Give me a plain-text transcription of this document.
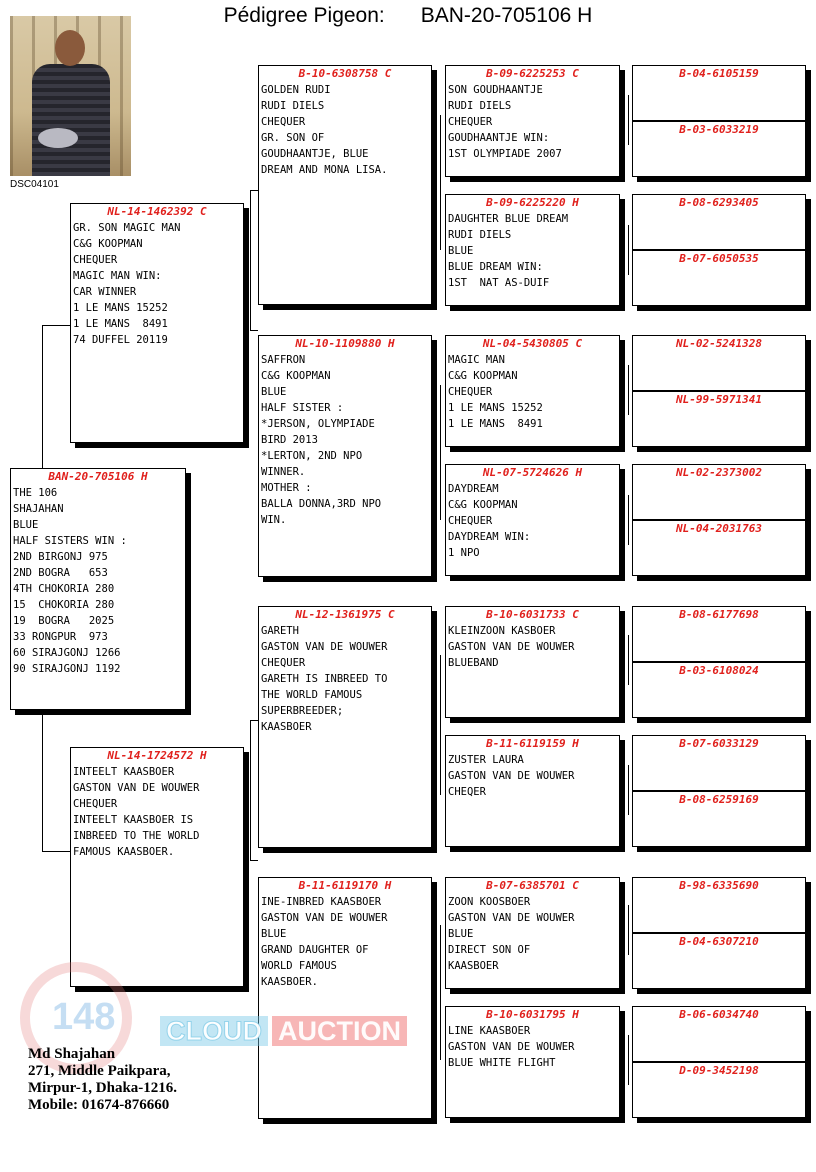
Pédigree Pigeon: BAN-20-705106 H
DSC04101
BAN-20-705106 H
THE 106
SHAJAHAN
BLUE
HALF SISTERS WIN :
2ND BIRGONJ 975
2ND BOGRA   653
4TH CHOKORIA 280
15  CHOKORIA 280
19  BOGRA   2025
33 RONGPUR  973
60 SIRAJGONJ 1266
90 SIRAJGONJ 1192
NL-14-1462392 C
GR. SON MAGIC MAN
C&G KOOPMAN
CHEQUER
MAGIC MAN WIN:
CAR WINNER
1 LE MANS 15252
1 LE MANS  8491
74 DUFFEL 20119
NL-14-1724572 H
INTEELT KAASBOER
GASTON VAN DE WOUWER
CHEQUER
INTEELT KAASBOER IS
INBREED TO THE WORLD
FAMOUS KAASBOER.
B-10-6308758 C
GOLDEN RUDI
RUDI DIELS
CHEQUER
GR. SON OF
GOUDHAANTJE, BLUE
DREAM AND MONA LISA.
NL-10-1109880 H
SAFFRON
C&G KOOPMAN
BLUE
HALF SISTER :
*JERSON, OLYMPIADE
BIRD 2013
*LERTON, 2ND NPO
WINNER.
MOTHER :
BALLA DONNA,3RD NPO
WIN.
NL-12-1361975 C
GARETH
GASTON VAN DE WOUWER
CHEQUER
GARETH IS INBREED TO
THE WORLD FAMOUS
SUPERBREEDER;
KAASBOER
B-11-6119170 H
INE-INBRED KAASBOER
GASTON VAN DE WOUWER
BLUE
GRAND DAUGHTER OF
WORLD FAMOUS
KAASBOER.
B-09-6225253 C
SON GOUDHAANTJE
RUDI DIELS
CHEQUER
GOUDHAANTJE WIN:
1ST OLYMPIADE 2007
B-09-6225220 H
DAUGHTER BLUE DREAM
RUDI DIELS
BLUE
BLUE DREAM WIN:
1ST  NAT AS-DUIF
NL-04-5430805 C
MAGIC MAN
C&G KOOPMAN
CHEQUER
1 LE MANS 15252
1 LE MANS  8491
NL-07-5724626 H
DAYDREAM
C&G KOOPMAN
CHEQUER
DAYDREAM WIN:
1 NPO
B-10-6031733 C
KLEINZOON KASBOER
GASTON VAN DE WOUWER
BLUEBAND
B-11-6119159 H
ZUSTER LAURA
GASTON VAN DE WOUWER
CHEQER
B-07-6385701 C
ZOON KOOSBOER
GASTON VAN DE WOUWER
BLUE
DIRECT SON OF
KAASBOER
B-10-6031795 H
LINE KAASBOER
GASTON VAN DE WOUWER
BLUE WHITE FLIGHT
B-04-6105159
B-03-6033219
B-08-6293405
B-07-6050535
NL-02-5241328
NL-99-5971341
NL-02-2373002
NL-04-2031763
B-08-6177698
B-03-6108024
B-07-6033129
B-08-6259169
B-98-6335690
B-04-6307210
B-06-6034740
D-09-3452198
148 CLOUD AUCTION
Md Shajahan
271, Middle Paikpara,
Mirpur-1, Dhaka-1216.
Mobile: 01674-876660
